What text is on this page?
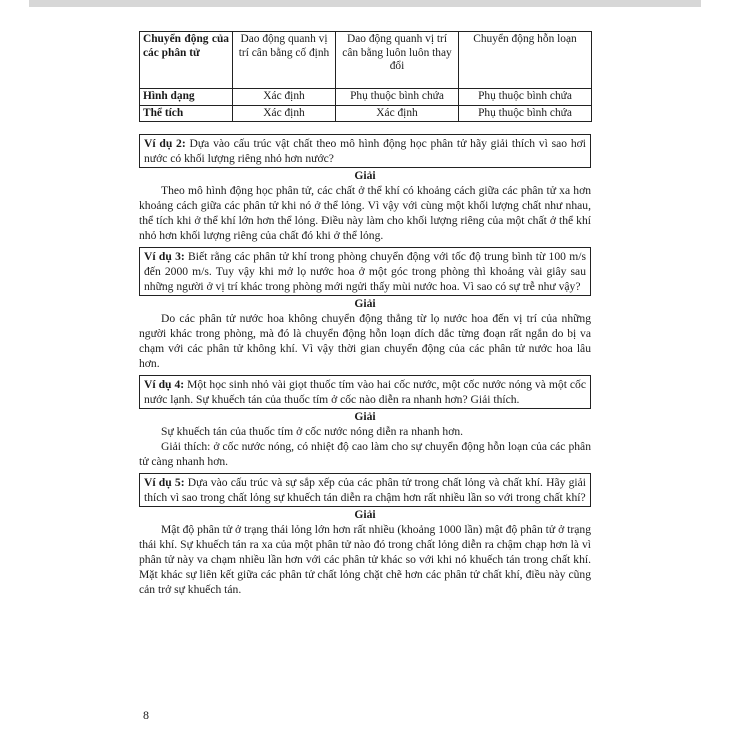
Chuyển động của các phân tử	Dao động quanh vị trí cân bằng cố định	Dao động quanh vị trí cân bằng luôn luôn thay đổi	Chuyển động hỗn loạn
Hình dạng	Xác định	Phụ thuộc bình chứa	Phụ thuộc bình chứa
Thể tích	Xác định	Xác định	Phụ thuộc bình chứa
Ví dụ 2: Dựa vào cấu trúc vật chất theo mô hình động học phân tử hãy giải thích vì sao hơi nước có khối lượng riêng nhỏ hơn nước?

Giải

Theo mô hình động học phân tử, các chất ở thể khí có khoảng cách giữa các phân tử xa hơn khoảng cách giữa các phân tử khi nó ở thể lỏng. Vì vậy với cùng một khối lượng chất như nhau, thể tích khi ở thể khí lớn hơn thể lỏng. Điều này làm cho khối lượng riêng của một chất ở thể khí nhỏ hơn khối lượng riêng của chất đó khi ở thể lỏng.

Ví dụ 3: Biết rằng các phân tử khí trong phòng chuyển động với tốc độ trung bình từ 100 m/s đến 2000 m/s. Tuy vậy khi mở lọ nước hoa ở một góc trong phòng thì khoảng vài giây sau những người ở vị trí khác trong phòng mới ngửi thấy mùi nước hoa. Vì sao có sự trễ như vậy?

Giải

Do các phân tử nước hoa không chuyển động thẳng từ lọ nước hoa đến vị trí của những người khác trong phòng, mà đó là chuyển động hỗn loạn dích dắc từng đoạn rất ngắn do bị va chạm với các phân tử không khí. Vì vậy thời gian chuyển động của các phân tử nước hoa lâu hơn.

Ví dụ 4: Một học sinh nhỏ vài giọt thuốc tím vào hai cốc nước, một cốc nước nóng và một cốc nước lạnh. Sự khuếch tán của thuốc tím ở cốc nào diễn ra nhanh hơn? Giải thích.

Giải

Sự khuếch tán của thuốc tím ở cốc nước nóng diễn ra nhanh hơn.

Giải thích: ở cốc nước nóng, có nhiệt độ cao làm cho sự chuyển động hỗn loạn của các phân tử càng nhanh hơn.

Ví dụ 5: Dựa vào cấu trúc và sự sắp xếp của các phân tử trong chất lỏng và chất khí. Hãy giải thích vì sao trong chất lỏng sự khuếch tán diễn ra chậm hơn rất nhiều lần so với trong chất khí?

Giải

Mật độ phân tử ở trạng thái lỏng lớn hơn rất nhiều (khoảng 1000 lần) mật độ phân tử ở trạng thái khí. Sự khuếch tán ra xa của một phân tử nào đó trong chất lỏng diễn ra chậm chạp hơn là vì phân tử này va chạm nhiều lần hơn với các phân tử khác so với khi nó khuếch tán trong chất khí. Mặt khác sự liên kết giữa các phân tử chất lỏng chặt chẽ hơn các phân tử chất khí, điều này cũng cản trở sự khuếch tán.

8
